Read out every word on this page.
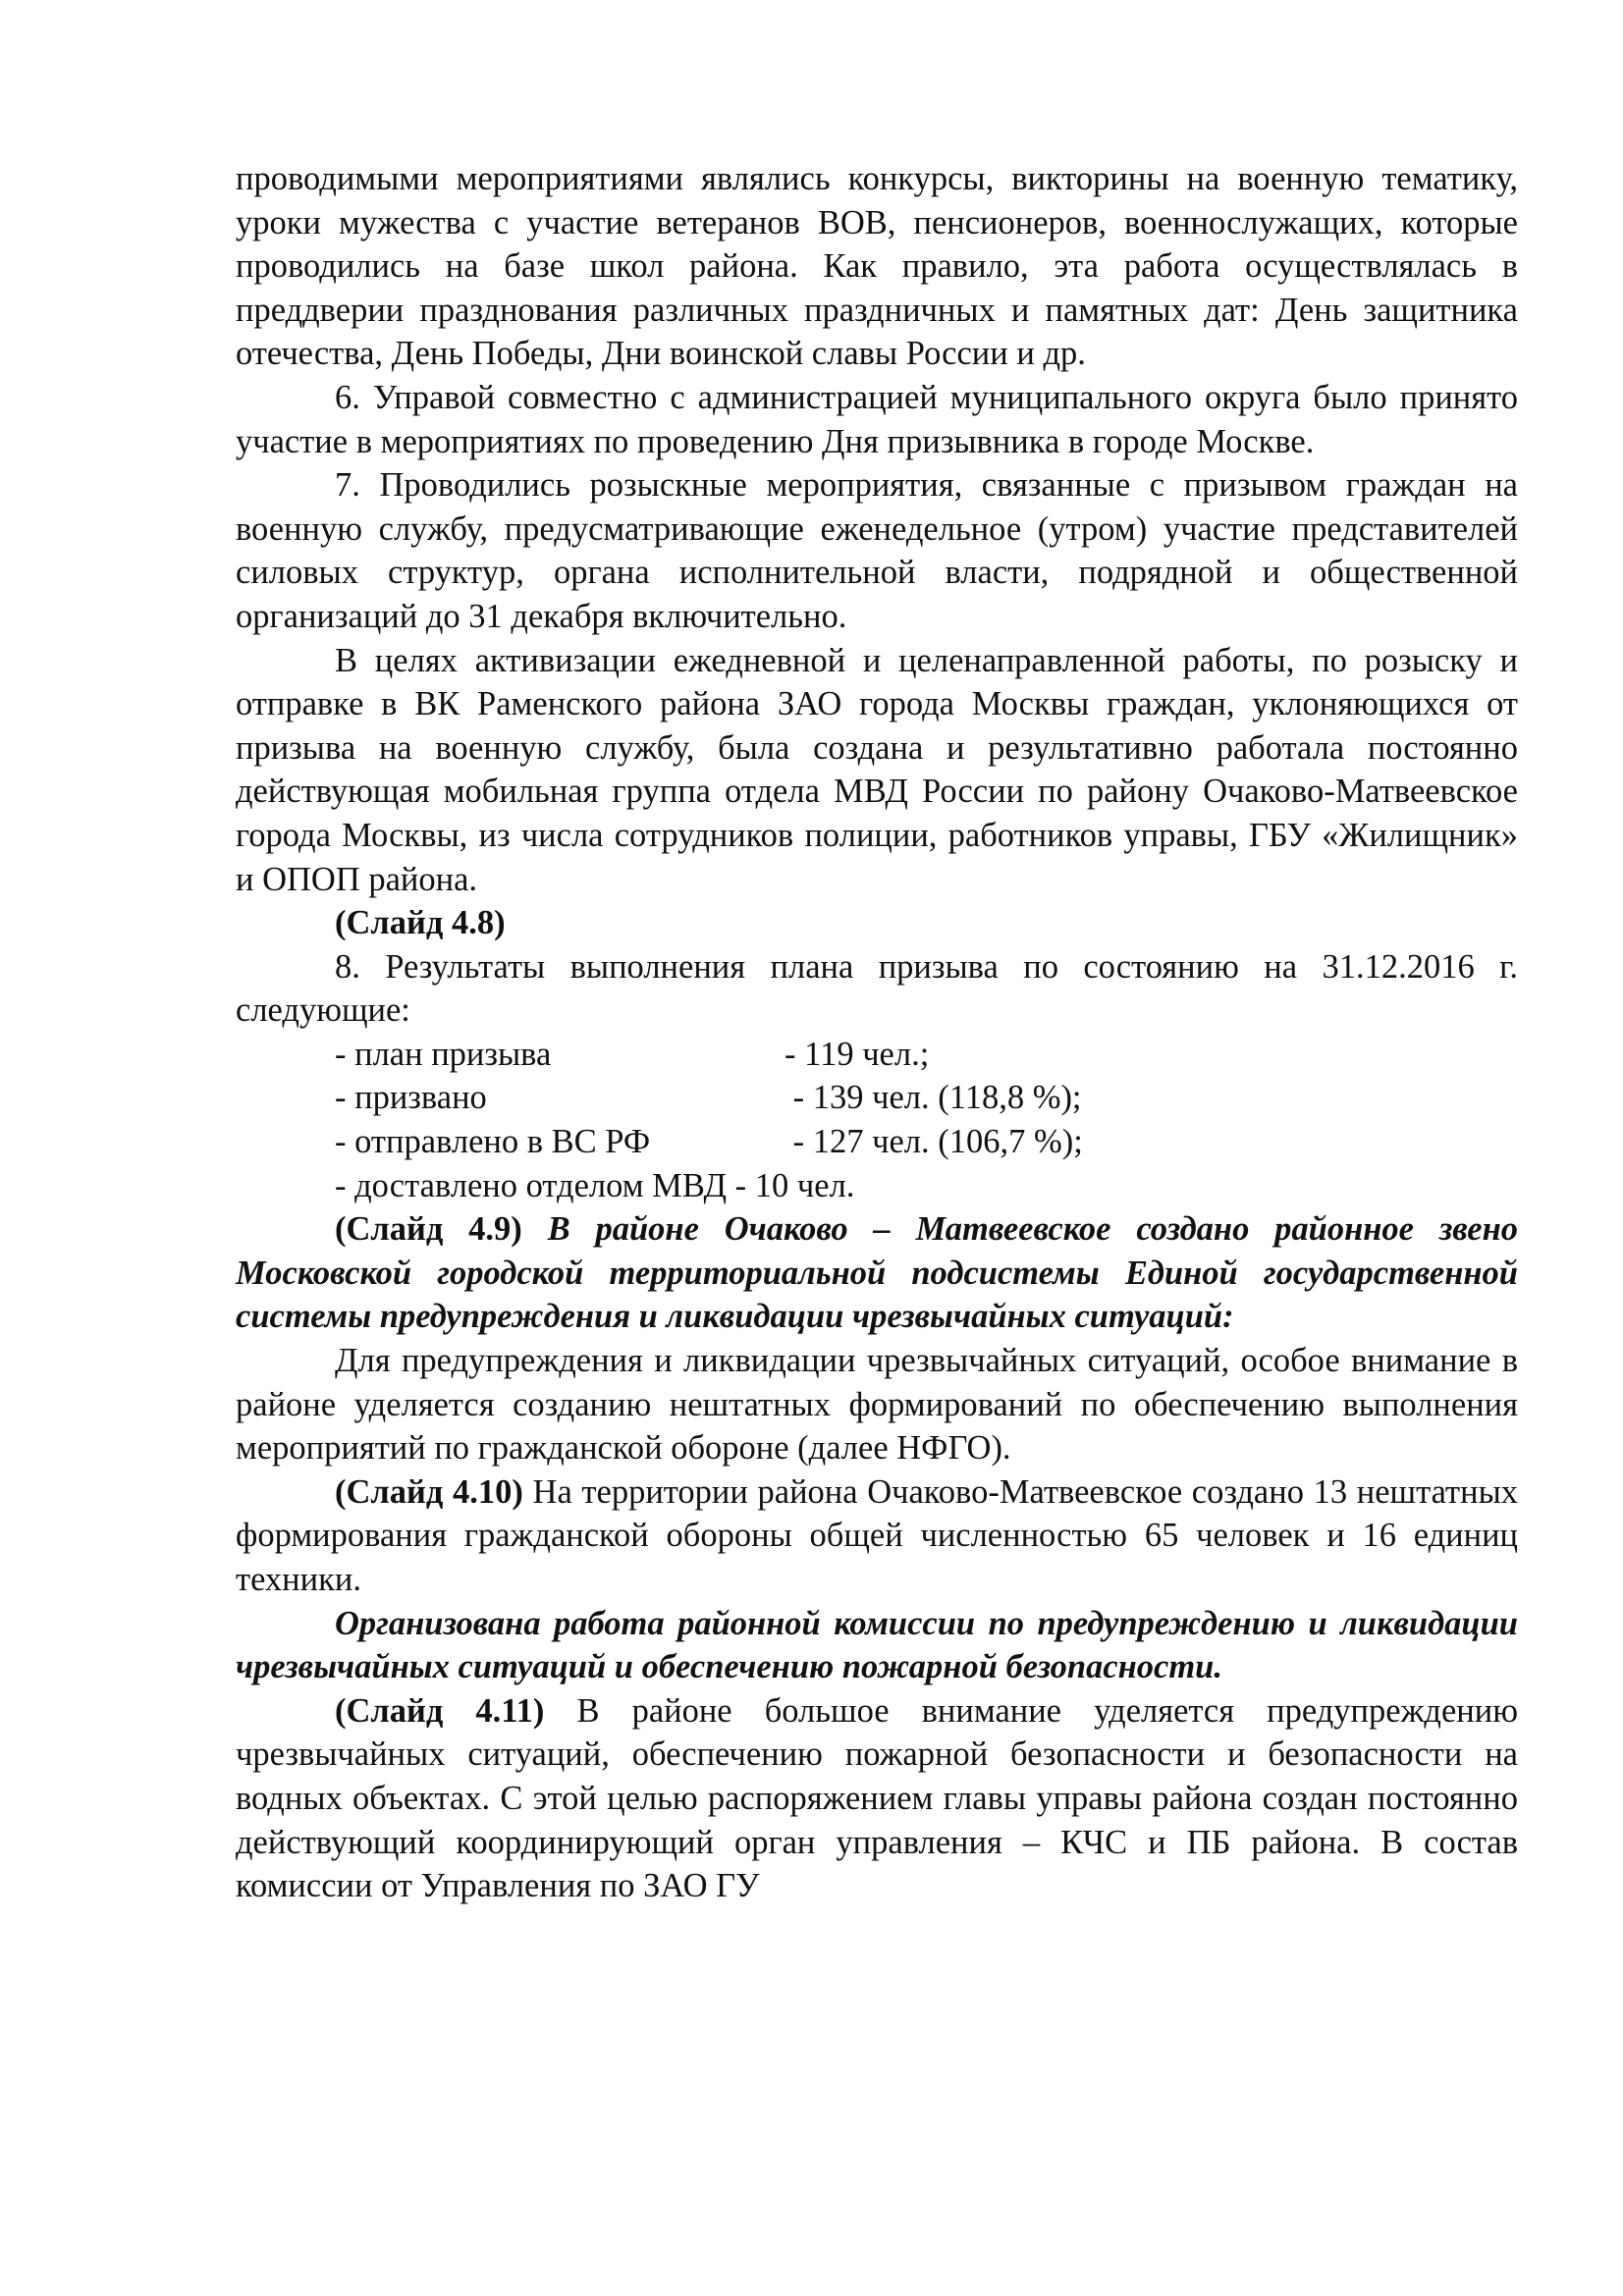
проводимыми мероприятиями являлись конкурсы, викторины на военную тематику, уроки мужества с участие ветеранов ВОВ, пенсионеров, военнослужащих, которые проводились на базе школ района. Как правило, эта работа осуществлялась в преддверии празднования различных праздничных и памятных дат: День защитника отечества, День Победы, Дни воинской славы России и др.

6. Управой совместно с администрацией муниципального округа было принято участие в мероприятиях по проведению Дня призывника в городе Москве.

7. Проводились розыскные мероприятия, связанные с призывом граждан на военную службу, предусматривающие еженедельное (утром) участие представителей силовых структур, органа исполнительной власти, подрядной и общественной организаций до 31 декабря включительно.

В целях активизации ежедневной и целенаправленной работы, по розыску и отправке в ВК Раменского района ЗАО города Москвы граждан, уклоняющихся от призыва на военную службу, была создана и результативно работала постоянно действующая мобильная группа отдела МВД России по району Очаково-Матвеевское города Москвы, из числа сотрудников полиции, работников управы, ГБУ «Жилищник» и ОПОП района.

(Слайд 4.8)

8. Результаты выполнения плана призыва по состоянию на 31.12.2016 г. следующие:

- план призыва	- 119 чел.;
- призвано	- 139 чел. (118,8 %);
- отправлено в ВС РФ	- 127 чел. (106,7 %);

- доставлено отделом МВД - 10 чел.

(Слайд 4.9) В районе Очаково – Матвеевское создано районное звено Московской городской территориальной подсистемы Единой государственной системы предупреждения и ликвидации чрезвычайных ситуаций:

Для предупреждения и ликвидации чрезвычайных ситуаций, особое внимание в районе уделяется созданию нештатных формирований по обеспечению выполнения мероприятий по гражданской обороне (далее НФГО).

(Слайд 4.10) На территории района Очаково-Матвеевское создано 13 нештатных формирования гражданской обороны общей численностью 65 человек и 16 единиц техники.

Организована работа районной комиссии по предупреждению и ликвидации чрезвычайных ситуаций и обеспечению пожарной безопасности.

(Слайд 4.11) В районе большое внимание уделяется предупреждению чрезвычайных ситуаций, обеспечению пожарной безопасности и безопасности на водных объектах. С этой целью распоряжением главы управы района создан постоянно действующий координирующий орган управления – КЧС и ПБ района. В состав комиссии от Управления по ЗАО ГУ
